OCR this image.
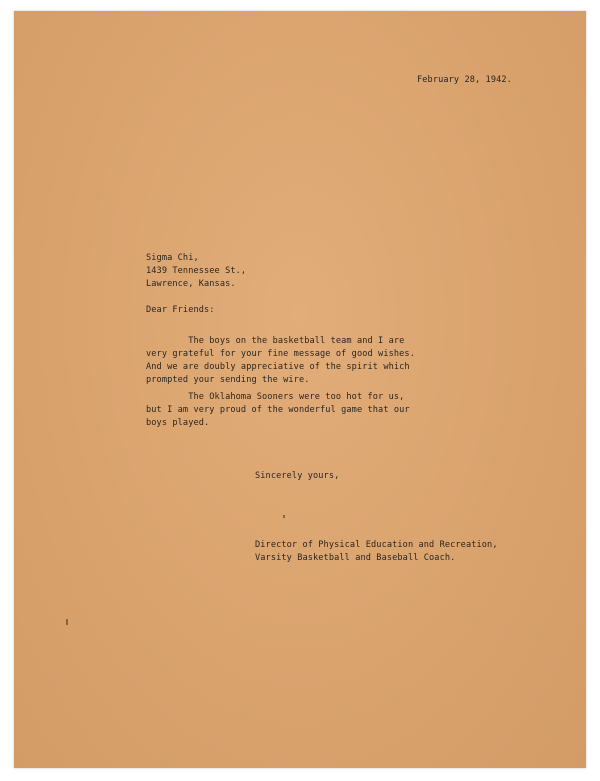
February 28, 1942.
Sigma Chi,
1439 Tennessee St.,
Lawrence, Kansas.
Dear Friends:
The boys on the basketball team and I are
very grateful for your fine message of good wishes.
And we are doubly appreciative of the spirit which
prompted your sending the wire.
The Oklahoma Sooners were too hot for us,
but I am very proud of the wonderful game that our
boys played.
Sincerely yours,
Director of Physical Education and Recreation,
Varsity Basketball and Baseball Coach.
